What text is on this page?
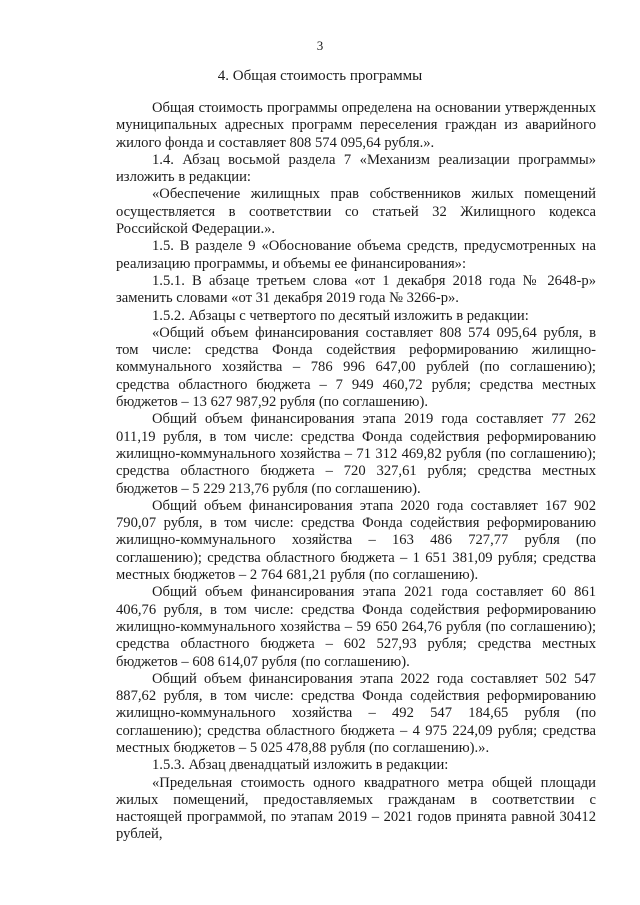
3
4. Общая стоимость программы

Общая стоимость программы определена на основании утвержденных муниципальных адресных программ переселения граждан из аварийного жилого фонда и составляет 808 574 095,64 рубля.».

1.4. Абзац восьмой раздела 7 «Механизм реализации программы» изложить в редакции:

«Обеспечение жилищных прав собственников жилых помещений осуществляется в соответствии со статьей 32 Жилищного кодекса Российской Федерации.».

1.5. В разделе 9 «Обоснование объема средств, предусмотренных на реализацию программы, и объемы ее финансирования»:

1.5.1. В абзаце третьем слова «от 1 декабря 2018 года № 2648-р» заменить словами «от 31 декабря 2019 года № 3266-р».

1.5.2. Абзацы с четвертого по десятый изложить в редакции:

«Общий объем финансирования составляет 808 574 095,64 рубля, в том числе: средства Фонда содействия реформированию жилищно-коммунального хозяйства – 786 996 647,00 рублей (по соглашению); средства областного бюджета – 7 949 460,72 рубля; средства местных бюджетов – 13 627 987,92 рубля (по соглашению).

Общий объем финансирования этапа 2019 года составляет 77 262 011,19 рубля, в том числе: средства Фонда содействия реформированию жилищно-коммунального хозяйства – 71 312 469,82 рубля (по соглашению); средства областного бюджета – 720 327,61 рубля; средства местных бюджетов – 5 229 213,76 рубля (по соглашению).

Общий объем финансирования этапа 2020 года составляет 167 902 790,07 рубля, в том числе: средства Фонда содействия реформированию жилищно-коммунального хозяйства – 163 486 727,77 рубля (по соглашению); средства областного бюджета – 1 651 381,09 рубля; средства местных бюджетов – 2 764 681,21 рубля (по соглашению).

Общий объем финансирования этапа 2021 года составляет 60 861 406,76 рубля, в том числе: средства Фонда содействия реформированию жилищно-коммунального хозяйства – 59 650 264,76 рубля (по соглашению); средства областного бюджета – 602 527,93 рубля; средства местных бюджетов – 608 614,07 рубля (по соглашению).

Общий объем финансирования этапа 2022 года составляет 502 547 887,62 рубля, в том числе: средства Фонда содействия реформированию жилищно-коммунального хозяйства – 492 547 184,65 рубля (по соглашению); средства областного бюджета – 4 975 224,09 рубля; средства местных бюджетов – 5 025 478,88 рубля (по соглашению).».

1.5.3. Абзац двенадцатый изложить в редакции:

«Предельная стоимость одного квадратного метра общей площади жилых помещений, предоставляемых гражданам в соответствии с настоящей программой, по этапам 2019 – 2021 годов принята равной 30412 рублей,
